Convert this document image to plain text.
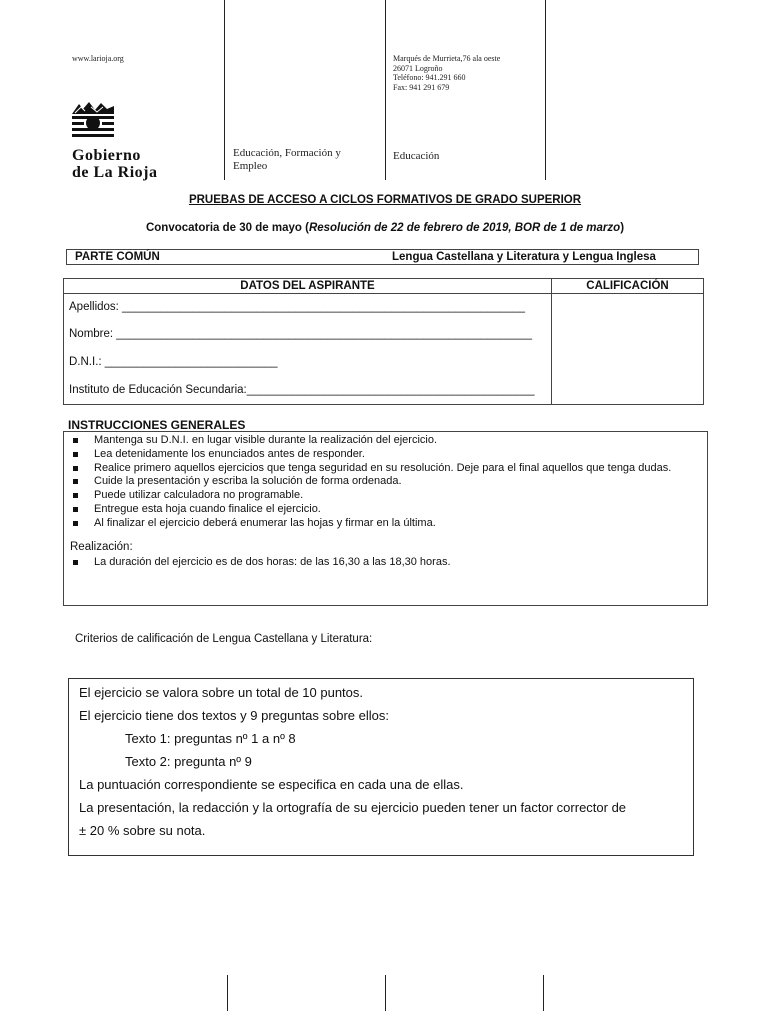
www.larioja.org
Gobierno
de La Rioja
Educación, Formación y Empleo
Educación
Marqués de Murrieta,76 ala oeste
26071 Logroño
Teléfono: 941.291 660
Fax: 941 291 679
PRUEBAS DE ACCESO A CICLOS FORMATIVOS DE GRADO SUPERIOR
Convocatoria de 30 de mayo (Resolución de 22 de febrero de 2019, BOR de 1 de marzo)
PARTE COMÚN	Lengua Castellana y Literatura y Lengua Inglesa
DATOS DEL ASPIRANTE	CALIFICACIÓN
Apellidos: _______________________________________________________________
Nombre: _________________________________________________________________
D.N.I.: ___________________________
Instituto de Educación Secundaria:_____________________________________________
INSTRUCCIONES GENERALES
Mantenga su D.N.I. en lugar visible durante la realización del ejercicio.
Lea detenidamente los enunciados antes de responder.
Realice primero aquellos ejercicios que tenga seguridad en su resolución. Deje para el final aquellos que tenga dudas.
Cuide la presentación y escriba la solución de forma ordenada.
Puede utilizar calculadora no programable.
Entregue esta hoja cuando finalice el ejercicio.
Al finalizar el ejercicio deberá enumerar las hojas y firmar en la última.
Realización:
La duración del ejercicio es de dos horas: de las 16,30 a las 18,30 horas.
Criterios de calificación de Lengua Castellana y Literatura:
El ejercicio se valora sobre un total de 10 puntos.
El ejercicio tiene dos textos y 9 preguntas sobre ellos:
Texto 1: preguntas nº 1 a nº 8
Texto 2: pregunta nº 9
La puntuación correspondiente se especifica en cada una de ellas.
La presentación, la redacción y la ortografía de su ejercicio pueden tener un factor corrector de
± 20 % sobre su nota.
